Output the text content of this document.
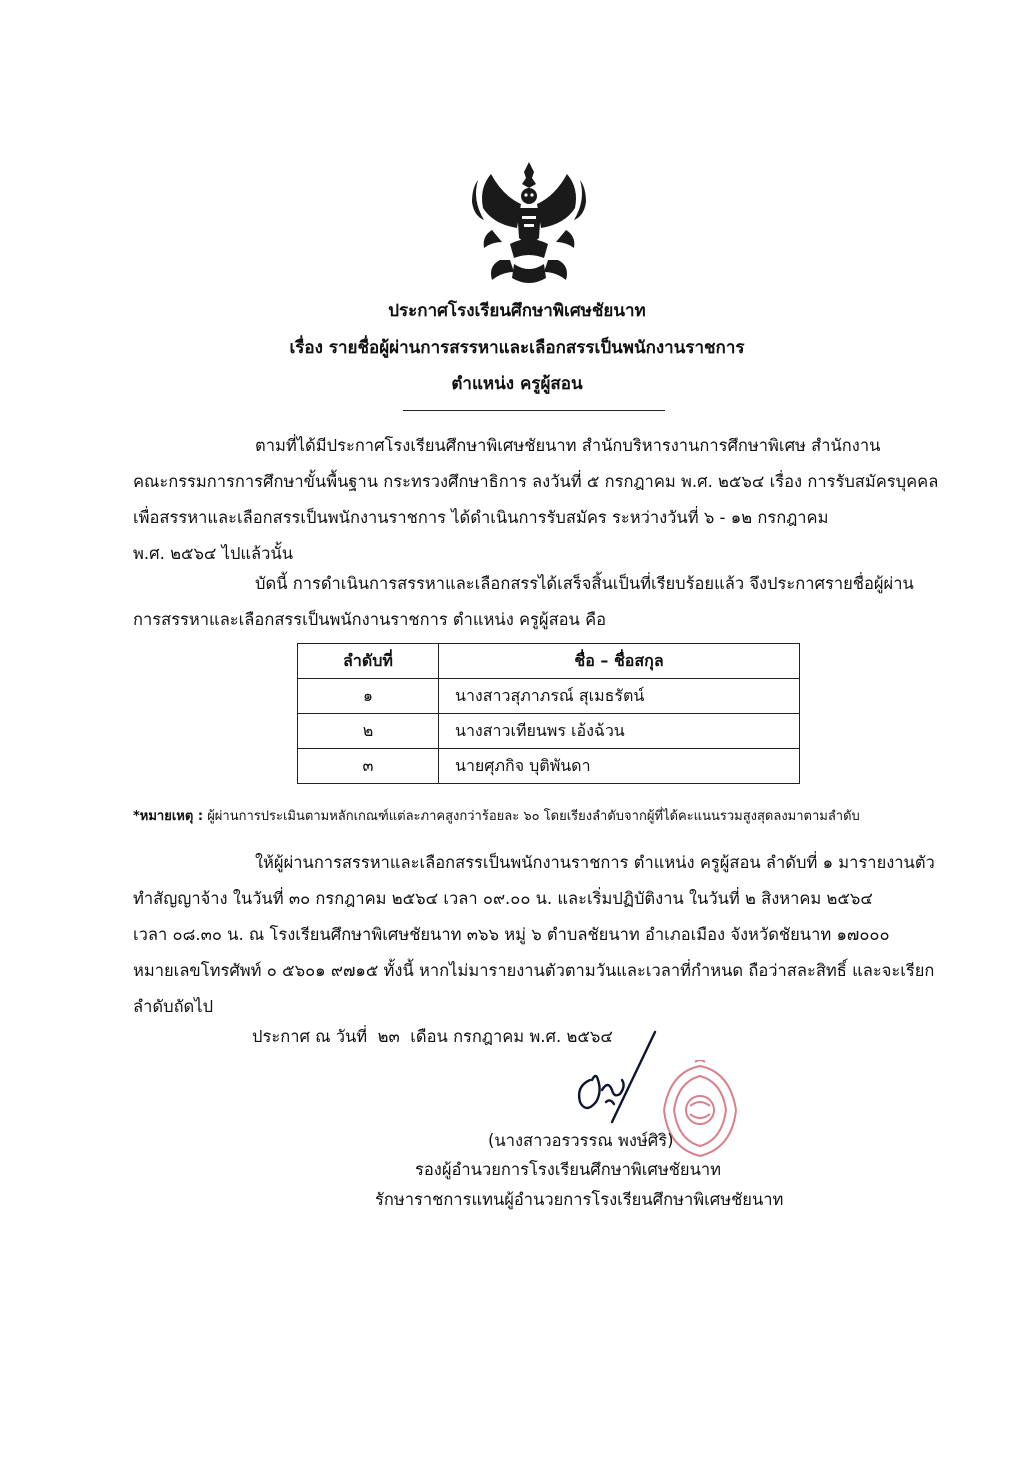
ประกาศโรงเรียนศึกษาพิเศษชัยนาท
เรื่อง รายชื่อผู้ผ่านการสรรหาและเลือกสรรเป็นพนักงานราชการ
ตำแหน่ง ครูผู้สอน

ตามที่ได้มีประกาศโรงเรียนศึกษาพิเศษชัยนาท สำนักบริหารงานการศึกษาพิเศษ สำนักงาน
คณะกรรมการการศึกษาขั้นพื้นฐาน กระทรวงศึกษาธิการ ลงวันที่ ๕ กรกฎาคม พ.ศ. ๒๕๖๔ เรื่อง การรับสมัครบุคคล
เพื่อสรรหาและเลือกสรรเป็นพนักงานราชการ ได้ดำเนินการรับสมัคร ระหว่างวันที่ ๖ - ๑๒ กรกฎาคม
พ.ศ. ๒๕๖๔ ไปแล้วนั้น

บัดนี้ การดำเนินการสรรหาและเลือกสรรได้เสร็จสิ้นเป็นที่เรียบร้อยแล้ว จึงประกาศรายชื่อผู้ผ่าน
การสรรหาและเลือกสรรเป็นพนักงานราชการ ตำแหน่ง ครูผู้สอน คือ

ลำดับที่	ชื่อ – ชื่อสกุล
๑	นางสาวสุภาภรณ์ สุเมธรัตน์
๒	นางสาวเทียนพร เอ้งฉ้วน
๓	นายศุภกิจ บุติพันดา
*หมายเหตุ : ผู้ผ่านการประเมินตามหลักเกณฑ์แต่ละภาคสูงกว่าร้อยละ ๖๐ โดยเรียงลำดับจากผู้ที่ได้คะแนนรวมสูงสุดลงมาตามลำดับ

ให้ผู้ผ่านการสรรหาและเลือกสรรเป็นพนักงานราชการ ตำแหน่ง ครูผู้สอน ลำดับที่ ๑ มารายงานตัว
ทำสัญญาจ้าง ในวันที่ ๓๐ กรกฎาคม ๒๕๖๔ เวลา ๐๙.๐๐ น. และเริ่มปฏิบัติงาน ในวันที่ ๒ สิงหาคม ๒๕๖๔
เวลา ๐๘.๓๐ น. ณ โรงเรียนศึกษาพิเศษชัยนาท ๓๖๖ หมู่ ๖ ตำบลชัยนาท อำเภอเมือง จังหวัดชัยนาท ๑๗๐๐๐
หมายเลขโทรศัพท์ ๐ ๕๖๐๑ ๙๗๑๕ ทั้งนี้ หากไม่มารายงานตัวตามวันและเวลาที่กำหนด ถือว่าสละสิทธิ์ และจะเรียก
ลำดับถัดไป

ประกาศ ณ วันที่  ๒๓  เดือน กรกฎาคม พ.ศ. ๒๕๖๔
(นางสาวอรวรรณ พงษ์ศิริ)
รองผู้อำนวยการโรงเรียนศึกษาพิเศษชัยนาท
รักษาราชการแทนผู้อำนวยการโรงเรียนศึกษาพิเศษชัยนาท
